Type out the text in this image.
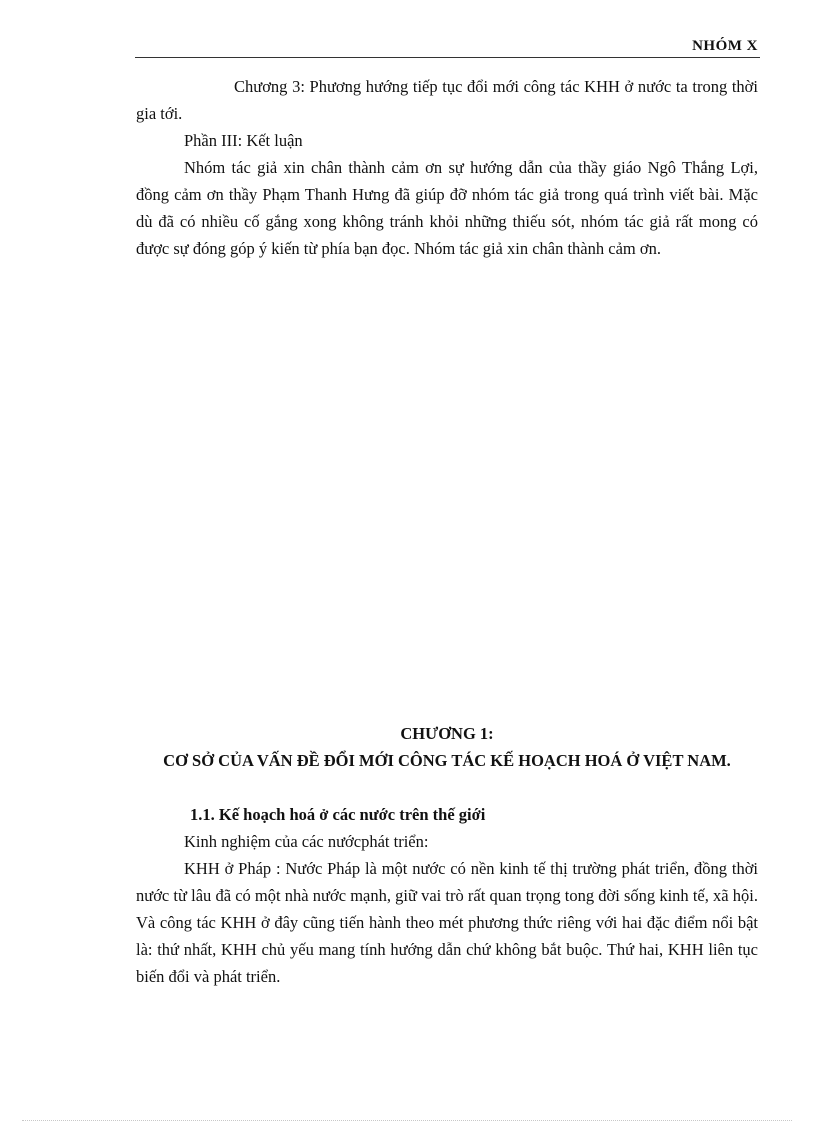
NHÓM X

Chương 3: Phương hướng tiếp tục đổi mới công tác KHH ở nước ta trong thời gia tới.

Phần III: Kết luận

Nhóm tác giả xin chân thành cảm ơn sự hướng dẫn của thầy giáo Ngô Thắng Lợi, đồng cảm ơn thầy Phạm Thanh Hưng đã giúp đỡ nhóm tác giả trong quá trình viết bài. Mặc dù đã có nhiều cố gắng xong không tránh khỏi những thiếu sót, nhóm tác giả rất mong có được sự đóng góp ý kiến từ phía bạn đọc. Nhóm tác giả xin chân thành cảm ơn.

CHƯƠNG 1:

CƠ SỞ CỦA VẤN ĐỀ ĐỔI MỚI CÔNG TÁC KẾ HOẠCH HOÁ Ở VIỆT NAM.

1.1. Kế hoạch hoá ở các nước trên thế giới

Kinh nghiệm của các nướcphát triển:

KHH ở Pháp : Nước Pháp là một nước có nền kinh tế thị trường phát triển, đồng thời nước từ lâu đã có một nhà nước mạnh, giữ vai trò rất quan trọng tong đời sống kinh tế, xã hội. Và công tác KHH ở đây cũng tiến hành theo mét phương thức riêng với hai đặc điểm nổi bật là: thứ nhất, KHH chủ yếu mang tính hướng dẫn chứ không bắt buộc. Thứ hai, KHH liên tục biến đổi và phát triển.
